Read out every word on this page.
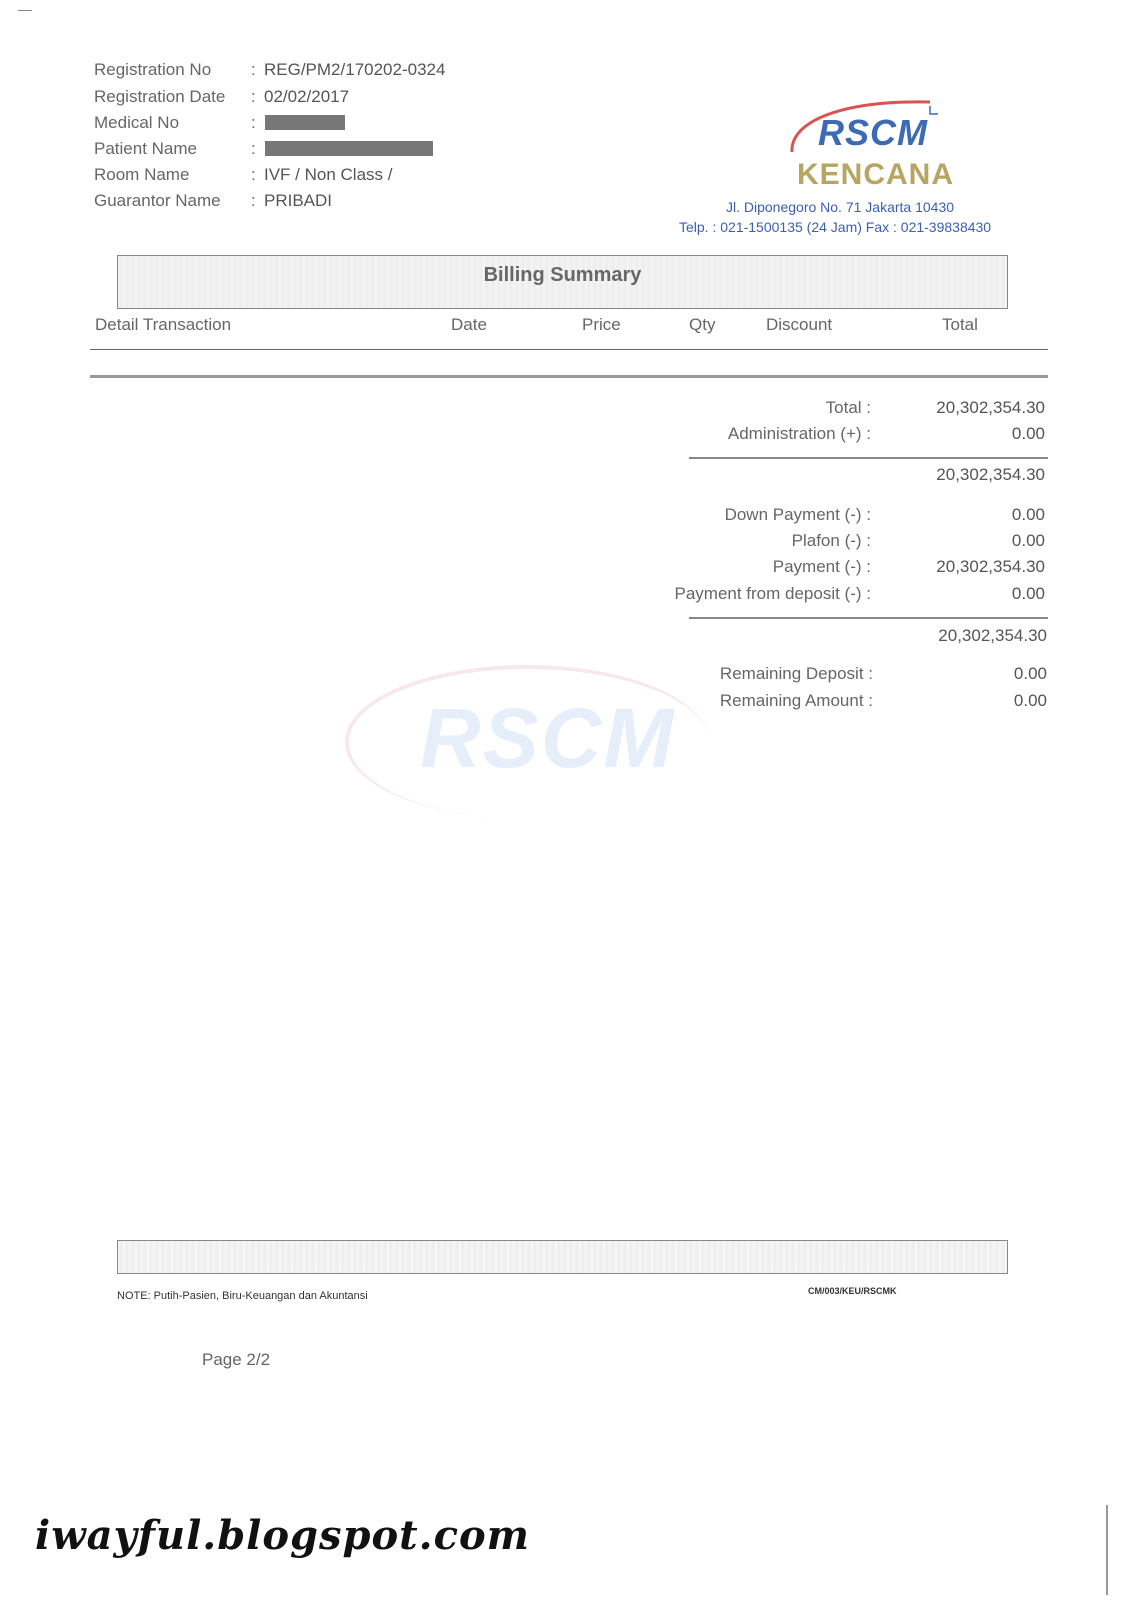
Registration No	: REG/PM2/170202-0324
Registration Date	: 02/02/2017
Medical No	:
Patient Name	:
Room Name	: IVF / Non Class /
Guarantor Name	: PRIBADI
RSCM
KENCANA
Jl. Diponegoro No. 71 Jakarta 10430
Telp. : 021-1500135 (24 Jam) Fax : 021-39838430
Billing Summary
Detail Transaction	Date	Price	Qty	Discount	Total
RSCM
Total :	20,302,354.30
Administration (+) :	0.00
20,302,354.30
Down Payment (-) :	0.00
Plafon (-) :	0.00
Payment (-) :	20,302,354.30
Payment from deposit (-) :	0.00
20,302,354.30
Remaining Deposit :	0.00
Remaining Amount :	0.00
NOTE: Putih-Pasien, Biru-Keuangan dan Akuntansi	CM/003/KEU/RSCMK
Page 2/2
iwayful.blogspot.com
